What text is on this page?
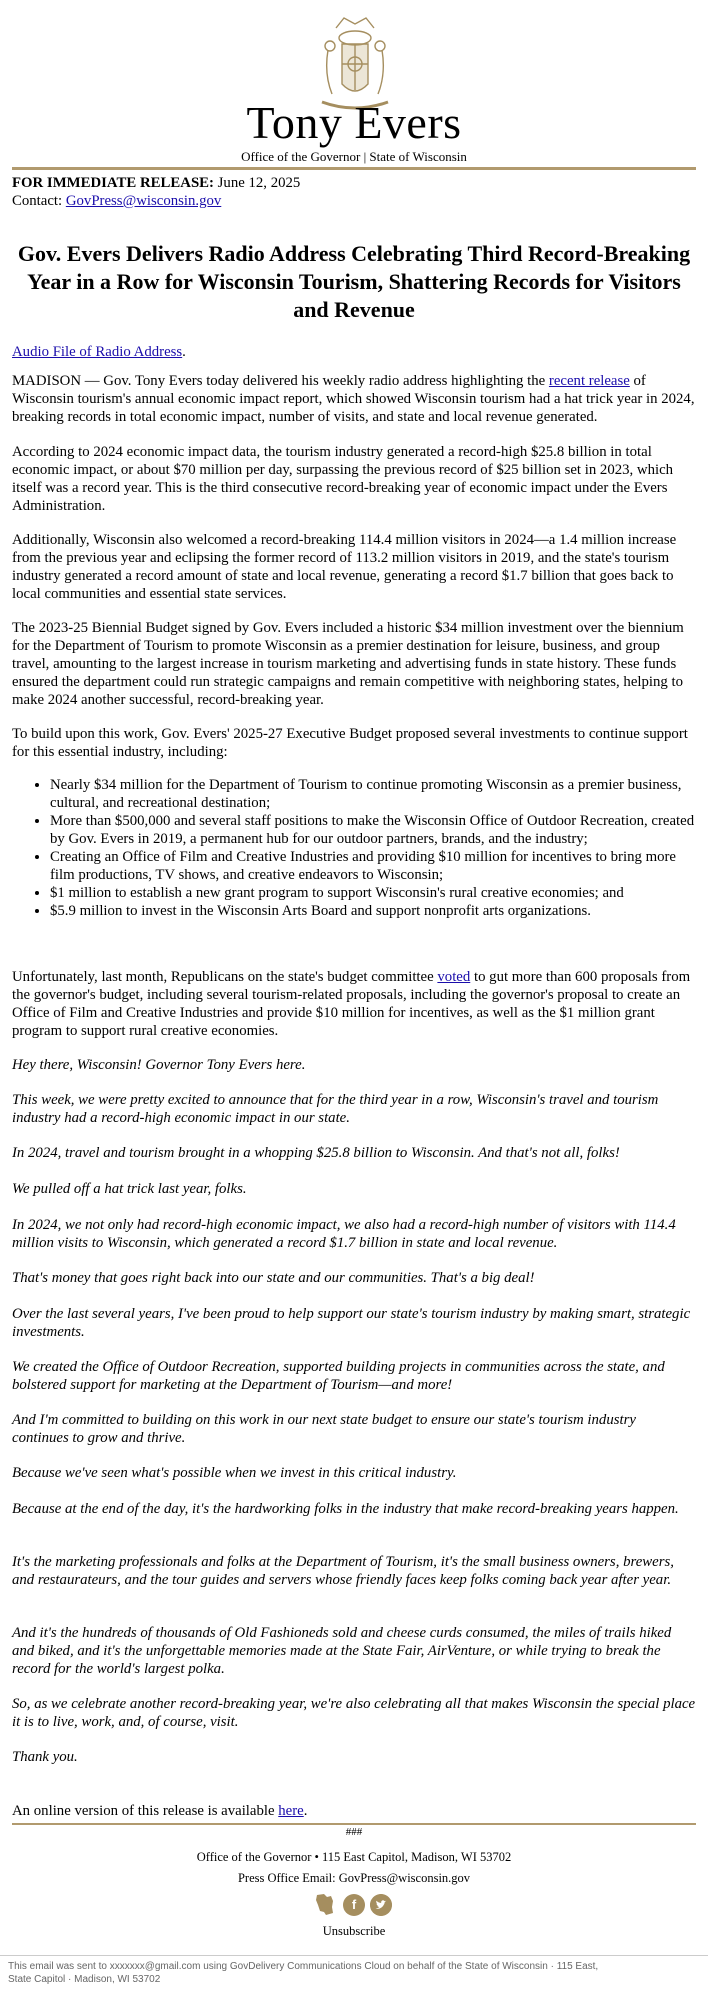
Tony Evers
Office of the Governor | State of Wisconsin

FOR IMMEDIATE RELEASE: June 12, 2025

Contact: GovPress@wisconsin.gov

Gov. Evers Delivers Radio Address Celebrating Third Record-Breaking Year in a Row for Wisconsin Tourism, Shattering Records for Visitors and Revenue

Audio File of Radio Address.

MADISON — Gov. Tony Evers today delivered his weekly radio address highlighting the recent release of Wisconsin tourism's annual economic impact report, which showed Wisconsin tourism had a hat trick year in 2024, breaking records in total economic impact, number of visits, and state and local revenue generated.

According to 2024 economic impact data, the tourism industry generated a record-high $25.8 billion in total economic impact, or about $70 million per day, surpassing the previous record of $25 billion set in 2023, which itself was a record year. This is the third consecutive record-breaking year of economic impact under the Evers Administration.

Additionally, Wisconsin also welcomed a record-breaking 114.4 million visitors in 2024—a 1.4 million increase from the previous year and eclipsing the former record of 113.2 million visitors in 2019, and the state's tourism industry generated a record amount of state and local revenue, generating a record $1.7 billion that goes back to local communities and essential state services.

The 2023-25 Biennial Budget signed by Gov. Evers included a historic $34 million investment over the biennium for the Department of Tourism to promote Wisconsin as a premier destination for leisure, business, and group travel, amounting to the largest increase in tourism marketing and advertising funds in state history. These funds ensured the department could run strategic campaigns and remain competitive with neighboring states, helping to make 2024 another successful, record-breaking year.

To build upon this work, Gov. Evers' 2025-27 Executive Budget proposed several investments to continue support for this essential industry, including:

• Nearly $34 million for the Department of Tourism to continue promoting Wisconsin as a premier business, cultural, and recreational destination;
• More than $500,000 and several staff positions to make the Wisconsin Office of Outdoor Recreation, created by Gov. Evers in 2019, a permanent hub for our outdoor partners, brands, and the industry;
• Creating an Office of Film and Creative Industries and providing $10 million for incentives to bring more film productions, TV shows, and creative endeavors to Wisconsin;
• $1 million to establish a new grant program to support Wisconsin's rural creative economies; and
• $5.9 million to invest in the Wisconsin Arts Board and support nonprofit arts organizations.

Unfortunately, last month, Republicans on the state's budget committee voted to gut more than 600 proposals from the governor's budget, including several tourism-related proposals, including the governor's proposal to create an Office of Film and Creative Industries and provide $10 million for incentives, as well as the $1 million grant program to support rural creative economies.

Hey there, Wisconsin! Governor Tony Evers here.

This week, we were pretty excited to announce that for the third year in a row, Wisconsin's travel and tourism industry had a record-high economic impact in our state.

In 2024, travel and tourism brought in a whopping $25.8 billion to Wisconsin. And that's not all, folks!

We pulled off a hat trick last year, folks.

In 2024, we not only had record-high economic impact, we also had a record-high number of visitors with 114.4 million visits to Wisconsin, which generated a record $1.7 billion in state and local revenue.

That's money that goes right back into our state and our communities. That's a big deal!

Over the last several years, I've been proud to help support our state's tourism industry by making smart, strategic investments.

We created the Office of Outdoor Recreation, supported building projects in communities across the state, and bolstered support for marketing at the Department of Tourism—and more!

And I'm committed to building on this work in our next state budget to ensure our state's tourism industry continues to grow and thrive.

Because we've seen what's possible when we invest in this critical industry.

Because at the end of the day, it's the hardworking folks in the industry that make record-breaking years happen.

It's the marketing professionals and folks at the Department of Tourism, it's the small business owners, brewers, and restaurateurs, and the tour guides and servers whose friendly faces keep folks coming back year after year.

And it's the hundreds of thousands of Old Fashioneds sold and cheese curds consumed, the miles of trails hiked and biked, and it's the unforgettable memories made at the State Fair, AirVenture, or while trying to break the record for the world's largest polka.

So, as we celebrate another record-breaking year, we're also celebrating all that makes Wisconsin the special place it is to live, work, and, of course, visit.

Thank you.

An online version of this release is available here.

###
Office of the Governor • 115 East Capitol, Madison, WI 53702
Press Office Email: GovPress@wisconsin.gov
f
Unsubscribe
This email was sent to xxxxxxx@gmail.com using GovDelivery Communications Cloud on behalf of the State of Wisconsin · 115 East, State Capitol · Madison, WI 53702
